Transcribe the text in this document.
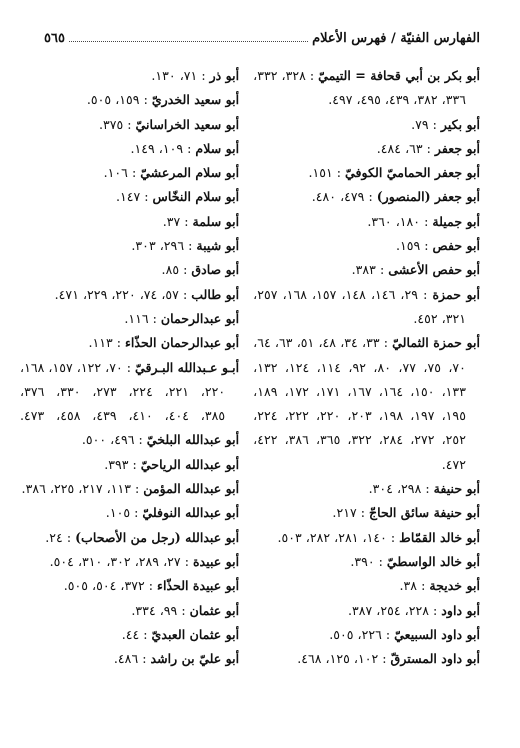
الفهارس الفنيّة / فهرس الأعلام
٥٦٥
أبو بكر بن أبي قحافة = التيميّ : ٣٢٨، ٣٣٢،
٣٣٦، ٣٨٢، ٤٣٩، ٤٩٥، ٤٩٧.
أبو بكير : ٧٩.
أبو جعفر : ٦٣، ٤٨٤.
أبو جعفر الحماميّ الكوفيّ : ١٥١.
أبو جعفر (المنصور) : ٤٧٩، ٤٨٠.
أبو جميلة : ١٨٠، ٣٦٠.
أبو حفص : ١٥٩.
أبو حفص الأعشى : ٣٨٣.
أبو حمزة : ٢٩، ١٤٦، ١٤٨، ١٥٧، ١٦٨، ٢٥٧،
٣٢١، ٤٥٢.
أبو حمزة الثماليّ : ٣٣، ٣٤، ٤٨، ٥١، ٦٣، ٦٤،
٧٠، ٧٥، ٧٧، ٨٠، ٩٢، ١١٤، ١٢٤، ١٣٢،
١٣٣، ١٥٠، ١٦٤، ١٦٧، ١٧١، ١٧٢، ١٨٩،
١٩٥، ١٩٧، ١٩٨، ٢٠٣، ٢٢٠، ٢٢٢، ٢٢٤،
٢٥٢، ٢٧٢، ٢٨٤، ٣٢٢، ٣٦٥، ٣٨٦، ٤٢٢،
٤٧٢.
أبو حنيفة : ٢٩٨، ٣٠٤.
أبو حنيفة سائق الحاجّ : ٢١٧.
أبو خالد القمّاط : ١٤٠، ٢٨١، ٢٨٢، ٥٠٣.
أبو خالد الواسطيّ : ٣٩٠.
أبو خديجة : ٣٨.
أبو داود : ٢٢٨، ٢٥٤، ٣٨٧.
أبو داود السبيعيّ : ٢٢٦، ٥٠٥.
أبو داود المسترقّ : ١٠٢، ١٢٥، ٤٦٨.
أبو ذر : ٧١، ١٣٠.
أبو سعيد الخدريّ : ١٥٩، ٥٠٥.
أبو سعيد الخراسانيّ : ٣٧٥.
أبو سلام : ١٠٩، ١٤٩.
أبو سلام المرعشيّ : ١٠٦.
أبو سلام النخّاس : ١٤٧.
أبو سلمة : ٣٧.
أبو شيبة : ٢٩٦، ٣٠٣.
أبو صادق : ٨٥.
أبو طالب : ٥٧، ٧٤، ٢٢٠، ٢٢٩، ٤٧١.
أبو عبدالرحمان : ١١٦.
أبو عبدالرحمان الحذّاء : ١١٣.
أبـو عـبدالله البـرقيّ : ٧٠، ١٢٢، ١٥٧، ١٦٨،
٢٢٠، ٢٢١، ٢٢٤، ٢٧٣، ٣٣٠، ٣٧٦،
٣٨٥، ٤٠٤، ٤١٠، ٤٣٩، ٤٥٨، ٤٧٣.
أبو عبدالله البلخيّ : ٤٩٦، ٥٠٠.
أبو عبدالله الرياحيّ : ٣٩٣.
أبو عبدالله المؤمن : ١١٣، ٢١٧، ٢٢٥، ٣٨٦.
أبو عبدالله النوفليّ : ١٠٥.
أبو عبدالله (رجل من الأصحاب) : ٢٤.
أبو عبيدة : ٢٧، ٢٨٩، ٣٠٢، ٣١٠، ٥٠٤.
أبو عبيدة الحذّاء : ٣٧٢، ٥٠٤، ٥٠٥.
أبو عثمان : ٩٩، ٣٣٤.
أبو عثمان العبديّ : ٤٤.
أبو عليّ بن راشد : ٤٨٦.
